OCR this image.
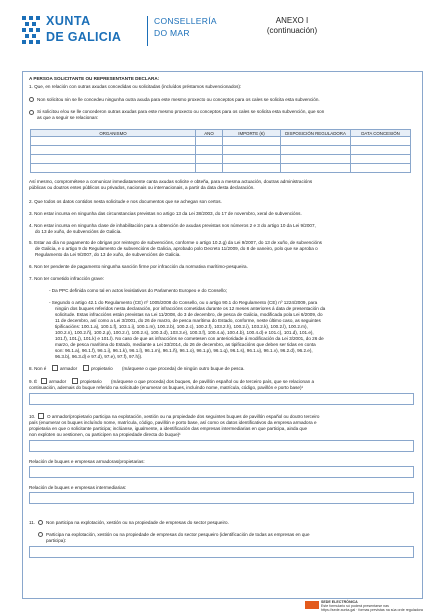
XUNTA
DE GALICIA
CONSELLERÍA
DO MAR
ANEXO I
(continuación)
A PERSOA SOLICITANTE OU REPRESENTANTE DECLARA:
1. Que, en relación con outras axudas concedidas ou solicitadas (incluídos préstamos subvencionados):
Non solicitou nin se lle concedeu ningunha outra axuda para este mesmo proxecto ou conceptos para os cales se solicita esta subvención.
Si solicitou e/ou se lle concederon outras axudas para este mesmo proxecto ou conceptos para os cales se solicita esta subvención, que son
as que a seguir se relacionan:
ORGANISMO	ANO	IMPORTE (€)	DISPOSICIÓN REGULADORA	DATA CONCESIÓN

Así mesmo, comprométese a comunicar inmediatamente canta axudas solicite e obteña, para a mesma actuación, doutras administracións
públicas ou doutros entes públicos ou privados, nacionais ou internacionais, a partir da data desta declaración.
2. Que todos os datos contidos nesta solicitude e nos documentos que se achegan son certos.
3. Non estar incursa en ningunha das circunstancias previstas no artigo 13 da Lei 38/2003, do 17 de novembro, xeral de subvencións.
4. Non estar incursa en ningunha clase de inhabilitación para a obtención de axudas previstas nos números 2 e 3 do artigo 10 da Lei 9/2007,
do 13 de xuño, de subvencións de Galicia.
5. Estar ao día no pagamento de obrigas por reintegro de subvencións, conforme o artigo 10.2.g) da Lei 9/2007, do 13 de xuño, de subvencións
de Galicia, e o artigo 9 do Regulamento de subvencións de Galicia, aprobado polo Decreto 11/2009, do 8 de xaneiro, polo que se aproba o
Regulamento da Lei 9/2007, do 13 de xuño, de subvencións de Galicia.
6. Non ter pendente de pagamento ningunha sanción firme por infracción da normativa marítimo-pesqueira.
7. Non ter cometido infracción grave:
- Da PPC definida como tal en actos lexislativos do Parlamento Europeo e do Consello;
- Segundo o artigo 42.1 do Regulamento (CE) nº 1005/2008 do Consello, ou o artigo 90.1 do Regulamento (CE) nº 1224/2009, para
ningún dos buques referidos nesta declaración, por infraccións cometidas durante os 12 meses anteriores á data de presentación da
solicitude. Estas infraccións están previstas na Lei 11/2008, do 3 de decembro, de pesca de Galicia, modificada pola Lei 6/2009, do
11 de decembro, así como a Lei 3/2001, do 26 de marzo, de pesca marítima do Estado, conforme, neste último caso, as seguintes
tipificacións: 100.1.a), 100.1.f), 103.1.i), 100.1.m), 100.2.b), 100.2.c), 100.2.f), 103.2.h), 100.2.i), 103.2.k), 100.2.l), 100.2.m),
100.2.n), 100.2.ñ), 100.2.p), 100.2.r), 100.2.s), 100.3.d), 103.3.e), 100.3.f), 100.4.a), 100.4.b), 100.4.d) e 101.c), 101.d), 101.e),
101.f), 101.j), 101.k) e 101.l). No caso de que as infraccións se cometesen con anterioridade á modificación da Lei 3/2001, do 26 de
marzo, de pesca marítima do Estado, mediante a Lei 33/2014, do 26 de decembro, as tipificacións que deben ser tidas en conta
son: 96.1.a), 96.1.f), 96.1.i), 96.1.k), 96.1.l), 96.1.m), 96.1.ñ), 96.1.o), 96.1.p), 96.1.q), 96.1.s), 96.1.u), 96.1.v), 96.2.d), 96.2.e),
96.3.b), 96.3.d) e 97.d), 97.e), 97.f), 97.h)).
8. Non é	armador	propietario (márquese o que proceda) de ningún outro buque de pesca.
9. É	armador	propietario (márquese o que proceda) dos buques, de pavillón español ou de terceiro país, que se relacionan a
continuación, ademais do buque referido na solicitude (enumerar os buques, incluíndo nome, matrícula, código, pavillón e porto base)¹
10.	O armador/propietario participa na explotación, xestión ou na propiedade dos seguintes buques de pavillón español ou doutro terceiro
país (enumerar os buques incluíndo nome, matrícula, código, pavillón e porto base, así como os datos identificativos da empresa armadora e
propietaria en que o solicitante participa; inclúanse, igualmente, a identificación das empresas intermediarias en que participa, ainda que
non exploten ou xestionen, ou participen na propiedade directa do buque)¹
Relación de buques e empresas armadoras/propietarias:
Relación de buques e empresas intermediarias:
11. Non participa na explotación, xestión ou na propiedade de empresas do sector pesqueiro.
Participa na explotación, xestión ou na propiedade de empresas do sector pesqueiro (identificación de todas as empresas en que
participa):
SEDE ELECTRÓNICA
Este formulario só poderá presentarse nas
https://sede.xunta.gal · formas previstas na súa orde reguladora
